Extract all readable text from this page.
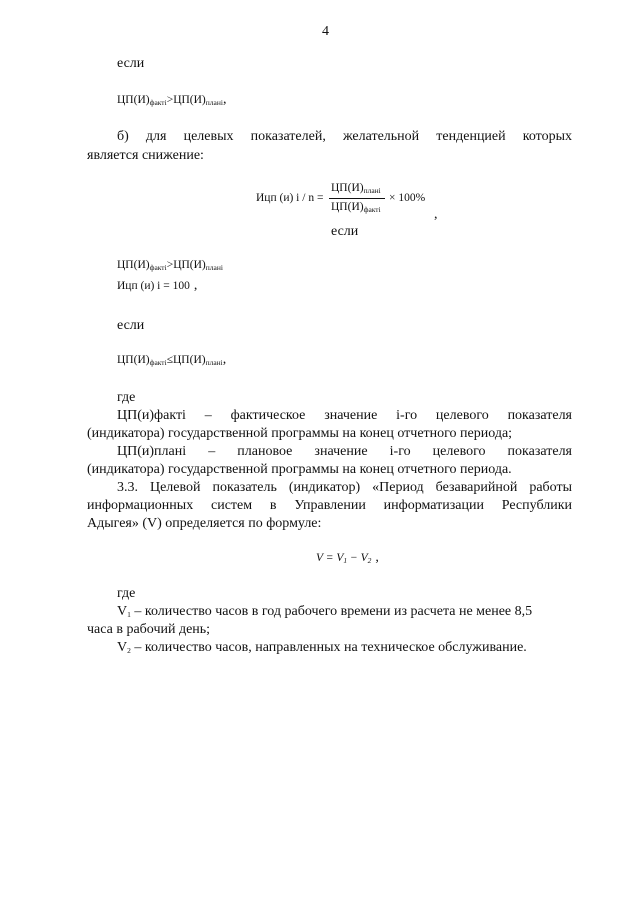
4
если
$ЦП(И)_{факті}>ЦП(И)_{планi}$,
б) для целевых показателей, желательной тенденцией которых
является снижение:
Ицп (и) i / n =
$ЦП(И)_{планi}$
$ЦП(И)_{факті}$
× 100%
,
если
$ЦП(И)_{факті}>ЦП(И)_{планi}$
Ицп (и) i = 100 ,
если
$ЦП(И)_{факті}\le ЦП(И)_{планi}$,
где
ЦП(и)факті – фактическое значение i-го целевого показателя
(индикатора) государственной программы на конец отчетного периода;
ЦП(и)планi – плановое значение i-го целевого показателя
(индикатора) государственной программы на конец отчетного периода.
3.3. Целевой показатель (индикатор) «Период безаварийной работы
информационных систем в Управлении информатизации Республики
Адыгея» (V) определяется по формуле:
$V = V_1 - V_2$ ,
где
$V_1$ – количество часов в год рабочего времени из расчета не менее 8,5
часа в рабочий день;
$V_2$ – количество часов, направленных на техническое обслуживание.
